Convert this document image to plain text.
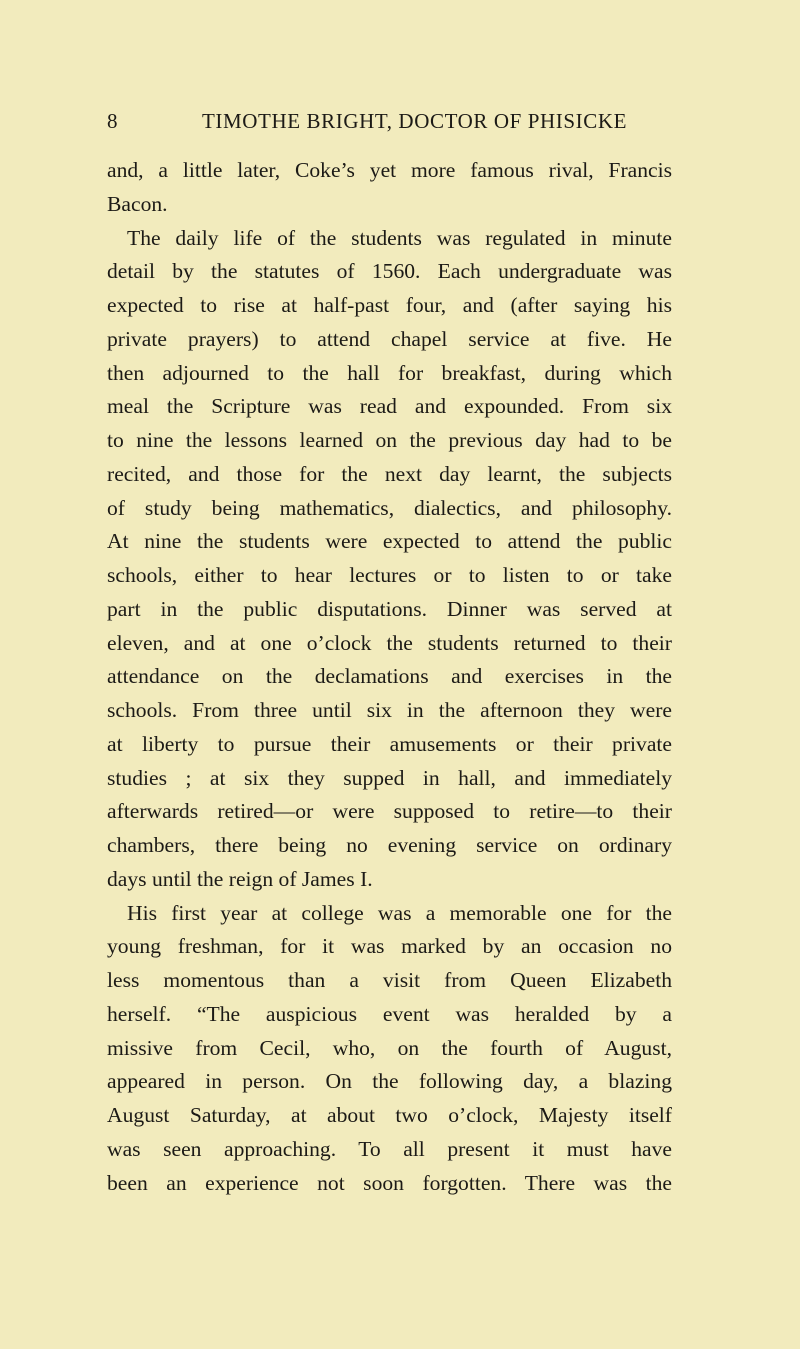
8	TIMOTHE BRIGHT, DOCTOR OF PHISICKE
and, a little later, Coke’s yet more famous rival, Francis
Bacon.
The daily life of the students was regulated in minute
detail by the statutes of 1560. Each undergraduate was
expected to rise at half-past four, and (after saying his
private prayers) to attend chapel service at five. He
then adjourned to the hall for breakfast, during which
meal the Scripture was read and expounded. From six
to nine the lessons learned on the previous day had to be
recited, and those for the next day learnt, the subjects
of study being mathematics, dialectics, and philosophy.
At nine the students were expected to attend the public
schools, either to hear lectures or to listen to or take
part in the public disputations. Dinner was served at
eleven, and at one o’clock the students returned to their
attendance on the declamations and exercises in the
schools. From three until six in the afternoon they were
at liberty to pursue their amusements or their private
studies ; at six they supped in hall, and immediately
afterwards retired—or were supposed to retire—to their
chambers, there being no evening service on ordinary
days until the reign of James I.
His first year at college was a memorable one for the
young freshman, for it was marked by an occasion no
less momentous than a visit from Queen Elizabeth
herself. “The auspicious event was heralded by a
missive from Cecil, who, on the fourth of August,
appeared in person. On the following day, a blazing
August Saturday, at about two o’clock, Majesty itself
was seen approaching. To all present it must have
been an experience not soon forgotten. There was the
